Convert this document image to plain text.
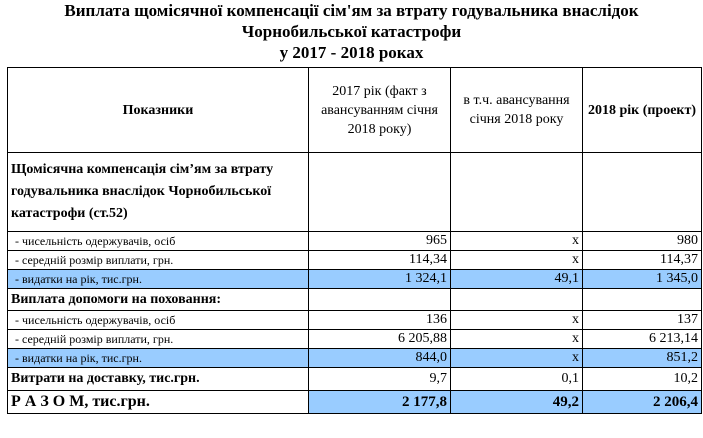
Виплата щомісячної компенсації сім'ям за втрату годувальника внаслідок
Чорнобильської катастрофи
у 2017 - 2018 роках
Показники	2017 рік (факт з авансуванням січня 2018 року)	в т.ч. авансування січня 2018 року	2018 рік (проект)
Щомісячна компенсація сім’ям за втрату годувальника внаслідок Чорнобильської катастрофи (ст.52)			
- чисельність одержувачів, осіб	965	x	980
- середній розмір виплати, грн.	114,34	x	114,37
- видатки на рік, тис.грн.	1 324,1	49,1	1 345,0
Виплата допомоги на поховання:			
- чисельність одержувачів, осіб	136	x	137
- середній розмір виплати, грн.	6 205,88	x	6 213,14
- видатки на рік, тис.грн.	844,0	x	851,2
Витрати на доставку, тис.грн.	9,7	0,1	10,2
Р А З О М, тис.грн.	2 177,8	49,2	2 206,4
